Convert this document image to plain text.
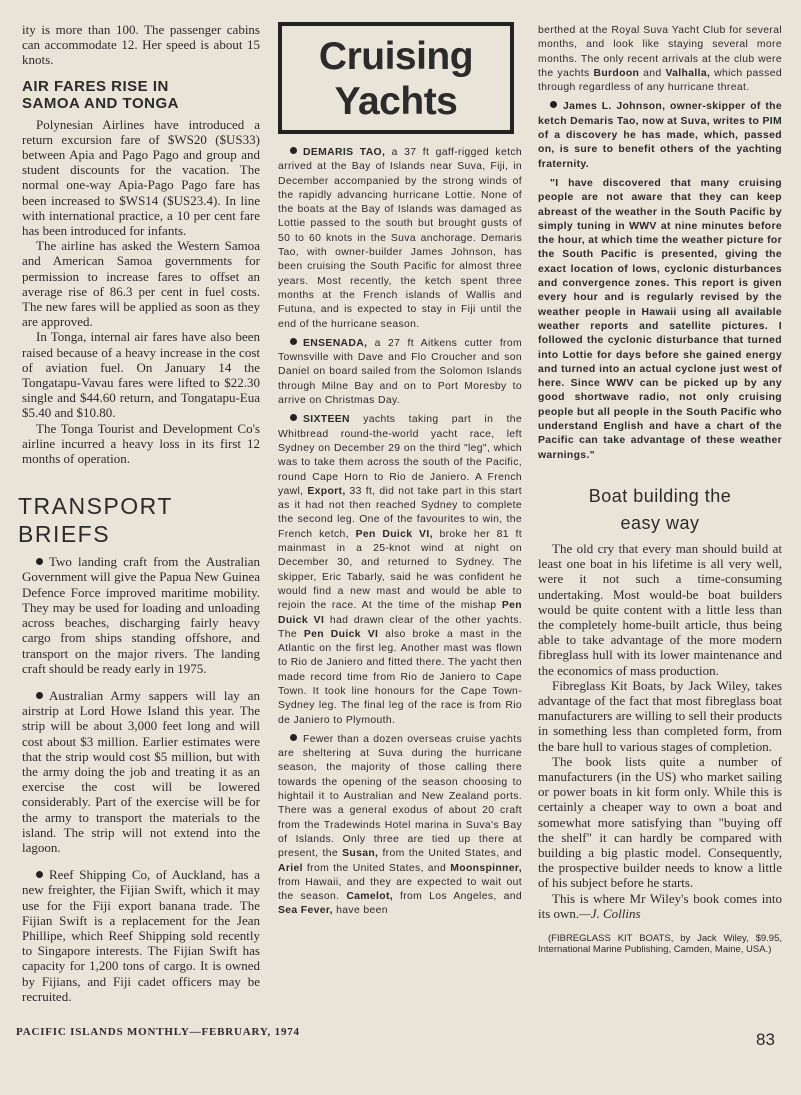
ity is more than 100. The passenger cabins can accommodate 12. Her speed is about 15 knots.

AIR FARES RISE IN
SAMOA AND TONGA

Polynesian Airlines have introduced a return excursion fare of $WS20 ($US33) between Apia and Pago Pago and group and student discounts for the vacation. The normal one-way Apia-Pago Pago fare has been increased to $WS14 ($US23.4). In line with international practice, a 10 per cent fare has been introduced for infants.

The airline has asked the Western Samoa and American Samoa governments for permission to increase fares to offset an average rise of 86.3 per cent in fuel costs. The new fares will be applied as soon as they are approved.

In Tonga, internal air fares have also been raised because of a heavy increase in the cost of aviation fuel. On January 14 the Tongatapu-Vavau fares were lifted to $22.30 single and $44.60 return, and Tongatapu-Eua $5.40 and $10.80.

The Tonga Tourist and Development Co's airline incurred a heavy loss in its first 12 months of operation.

TRANSPORT BRIEFS

Two landing craft from the Australian Government will give the Papua New Guinea Defence Force improved maritime mobility. They may be used for loading and unloading across beaches, discharging fairly heavy cargo from ships standing offshore, and transport on the major rivers. The landing craft should be ready early in 1975.

Australian Army sappers will lay an airstrip at Lord Howe Island this year. The strip will be about 3,000 feet long and will cost about $3 million. Earlier estimates were that the strip would cost $5 million, but with the army doing the job and treating it as an exercise the cost will be lowered considerably. Part of the exercise will be for the army to transport the materials to the island. The strip will not extend into the lagoon.

Reef Shipping Co, of Auckland, has a new freighter, the Fijian Swift, which it may use for the Fiji export banana trade. The Fijian Swift is a replacement for the Jean Phillipe, which Reef Shipping sold recently to Singapore interests. The Fijian Swift has capacity for 1,200 tons of cargo. It is owned by Fijians, and Fiji cadet officers may be recruited.

Cruising
Yachts

DEMARIS TAO, a 37 ft gaff-rigged ketch arrived at the Bay of Islands near Suva, Fiji, in December accompanied by the strong winds of the rapidly advancing hurricane Lottie. None of the boats at the Bay of Islands was damaged as Lottie passed to the south but brought gusts of 50 to 60 knots in the Suva anchorage. Demaris Tao, with owner-builder James Johnson, has been cruising the South Pacific for almost three years. Most recently, the ketch spent three months at the French islands of Wallis and Futuna, and is expected to stay in Fiji until the end of the hurricane season.

ENSENADA, a 27 ft Aitkens cutter from Townsville with Dave and Flo Croucher and son Daniel on board sailed from the Solomon Islands through Milne Bay and on to Port Moresby to arrive on Christmas Day.

SIXTEEN yachts taking part in the Whitbread round-the-world yacht race, left Sydney on December 29 on the third "leg", which was to take them across the south of the Pacific, round Cape Horn to Rio de Janiero. A French yawl, Export, 33 ft, did not take part in this start as it had not then reached Sydney to complete the second leg. One of the favourites to win, the French ketch, Pen Duick VI, broke her 81 ft mainmast in a 25-knot wind at night on December 30, and returned to Sydney. The skipper, Eric Tabarly, said he was confident he would find a new mast and would be able to rejoin the race. At the time of the mishap Pen Duick VI had drawn clear of the other yachts. The Pen Duick VI also broke a mast in the Atlantic on the first leg. Another mast was flown to Rio de Janiero and fitted there. The yacht then made record time from Rio de Janiero to Cape Town. It took line honours for the Cape Town-Sydney leg. The final leg of the race is from Rio de Janiero to Plymouth.

Fewer than a dozen overseas cruise yachts are sheltering at Suva during the hurricane season, the majority of those calling there towards the opening of the season choosing to hightail it to Australian and New Zealand ports. There was a general exodus of about 20 craft from the Tradewinds Hotel marina in Suva's Bay of Islands. Only three are tied up there at present, the Susan, from the United States, and Ariel from the United States, and Moonspinner, from Hawaii, and they are expected to wait out the season. Camelot, from Los Angeles, and Sea Fever, have been

berthed at the Royal Suva Yacht Club for several months, and look like staying several more months. The only recent arrivals at the club were the yachts Burdoon and Valhalla, which passed through regardless of any hurricane threat.

James L. Johnson, owner-skipper of the ketch Demaris Tao, now at Suva, writes to PIM of a discovery he has made, which, passed on, is sure to benefit others of the yachting fraternity.

"I have discovered that many cruising people are not aware that they can keep abreast of the weather in the South Pacific by simply tuning in WWV at nine minutes before the hour, at which time the weather picture for the South Pacific is presented, giving the exact location of lows, cyclonic disturbances and convergence zones. This report is given every hour and is regularly revised by the weather people in Hawaii using all available weather reports and satellite pictures. I followed the cyclonic disturbance that turned into Lottie for days before she gained energy and turned into an actual cyclone just west of here. Since WWV can be picked up by any good shortwave radio, not only cruising people but all people in the South Pacific who understand English and have a chart of the Pacific can take advantage of these weather warnings."

Boat building the
easy way

The old cry that every man should build at least one boat in his lifetime is all very well, were it not such a time-consuming undertaking. Most would-be boat builders would be quite content with a little less than the completely home-built article, thus being able to take advantage of the more modern fibreglass hull with its lower maintenance and the economics of mass production.

Fibreglass Kit Boats, by Jack Wiley, takes advantage of the fact that most fibreglass boat manufacturers are willing to sell their products in something less than completed form, from the bare hull to various stages of completion.

The book lists quite a number of manufacturers (in the US) who market sailing or power boats in kit form only. While this is certainly a cheaper way to own a boat and somewhat more satisfying than "buying off the shelf" it can hardly be compared with building a big plastic model. Consequently, the prospective builder needs to know a little of his subject before he starts.

This is where Mr Wiley's book comes into its own.—J. Collins

(FIBREGLASS KIT BOATS, by Jack Wiley, $9.95, International Marine Publishing, Camden, Maine, USA.)
PACIFIC ISLANDS MONTHLY—FEBRUARY, 1974	83
